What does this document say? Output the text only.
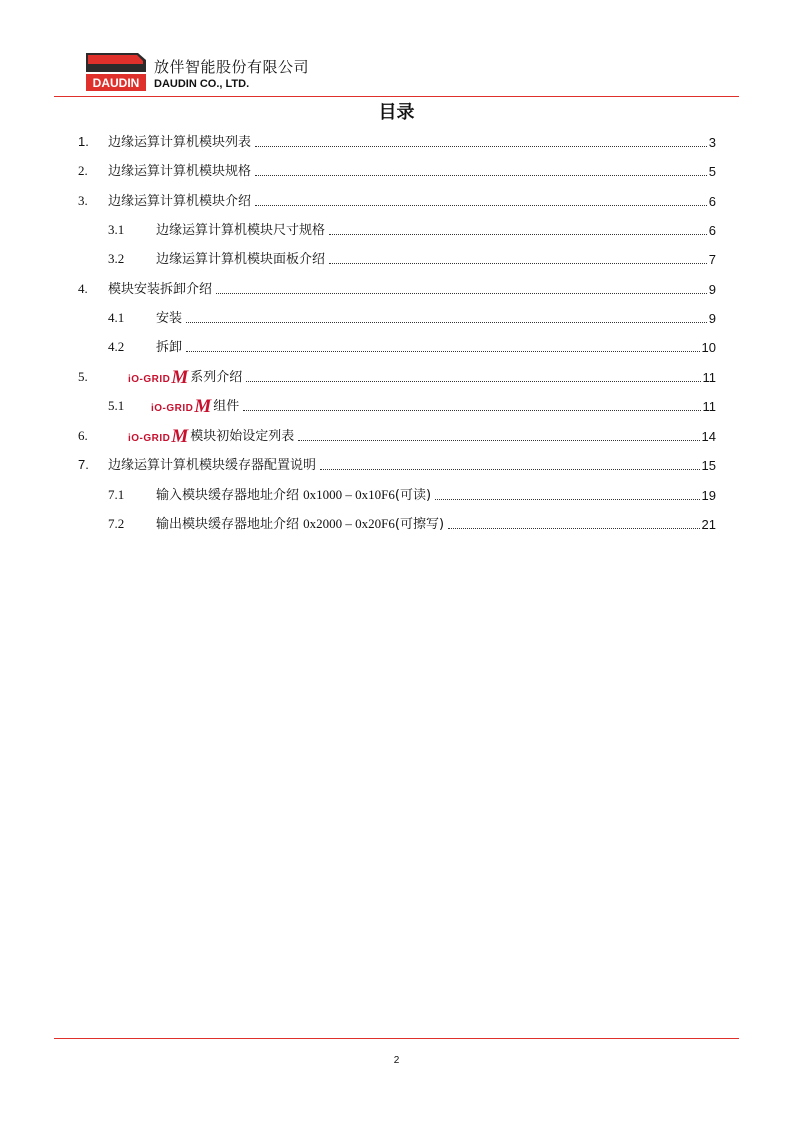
DAUDIN
放伴智能股份有限公司
DAUDIN CO., LTD.
目录
1. 边缘运算计算机模块列表	3
2. 边缘运算计算机模块规格	5
3. 边缘运算计算机模块介绍	6
3.1 边缘运算计算机模块尺寸规格	6
3.2 边缘运算计算机模块面板介绍	7
4. 模块安装拆卸介绍	9
4.1 安装	9
4.2 拆卸	10
5.	iO-GRID M 系列介绍	11
5.1	iO-GRID M 组件	11
6.	iO-GRID M 模块初始设定列表	14
7. 边缘运算计算机模块缓存器配置说明	15
7.1 输入模块缓存器地址介绍 0x1000 – 0x10F6(可读)	19
7.2 输出模块缓存器地址介绍 0x2000 – 0x20F6(可擦写)	21
2
